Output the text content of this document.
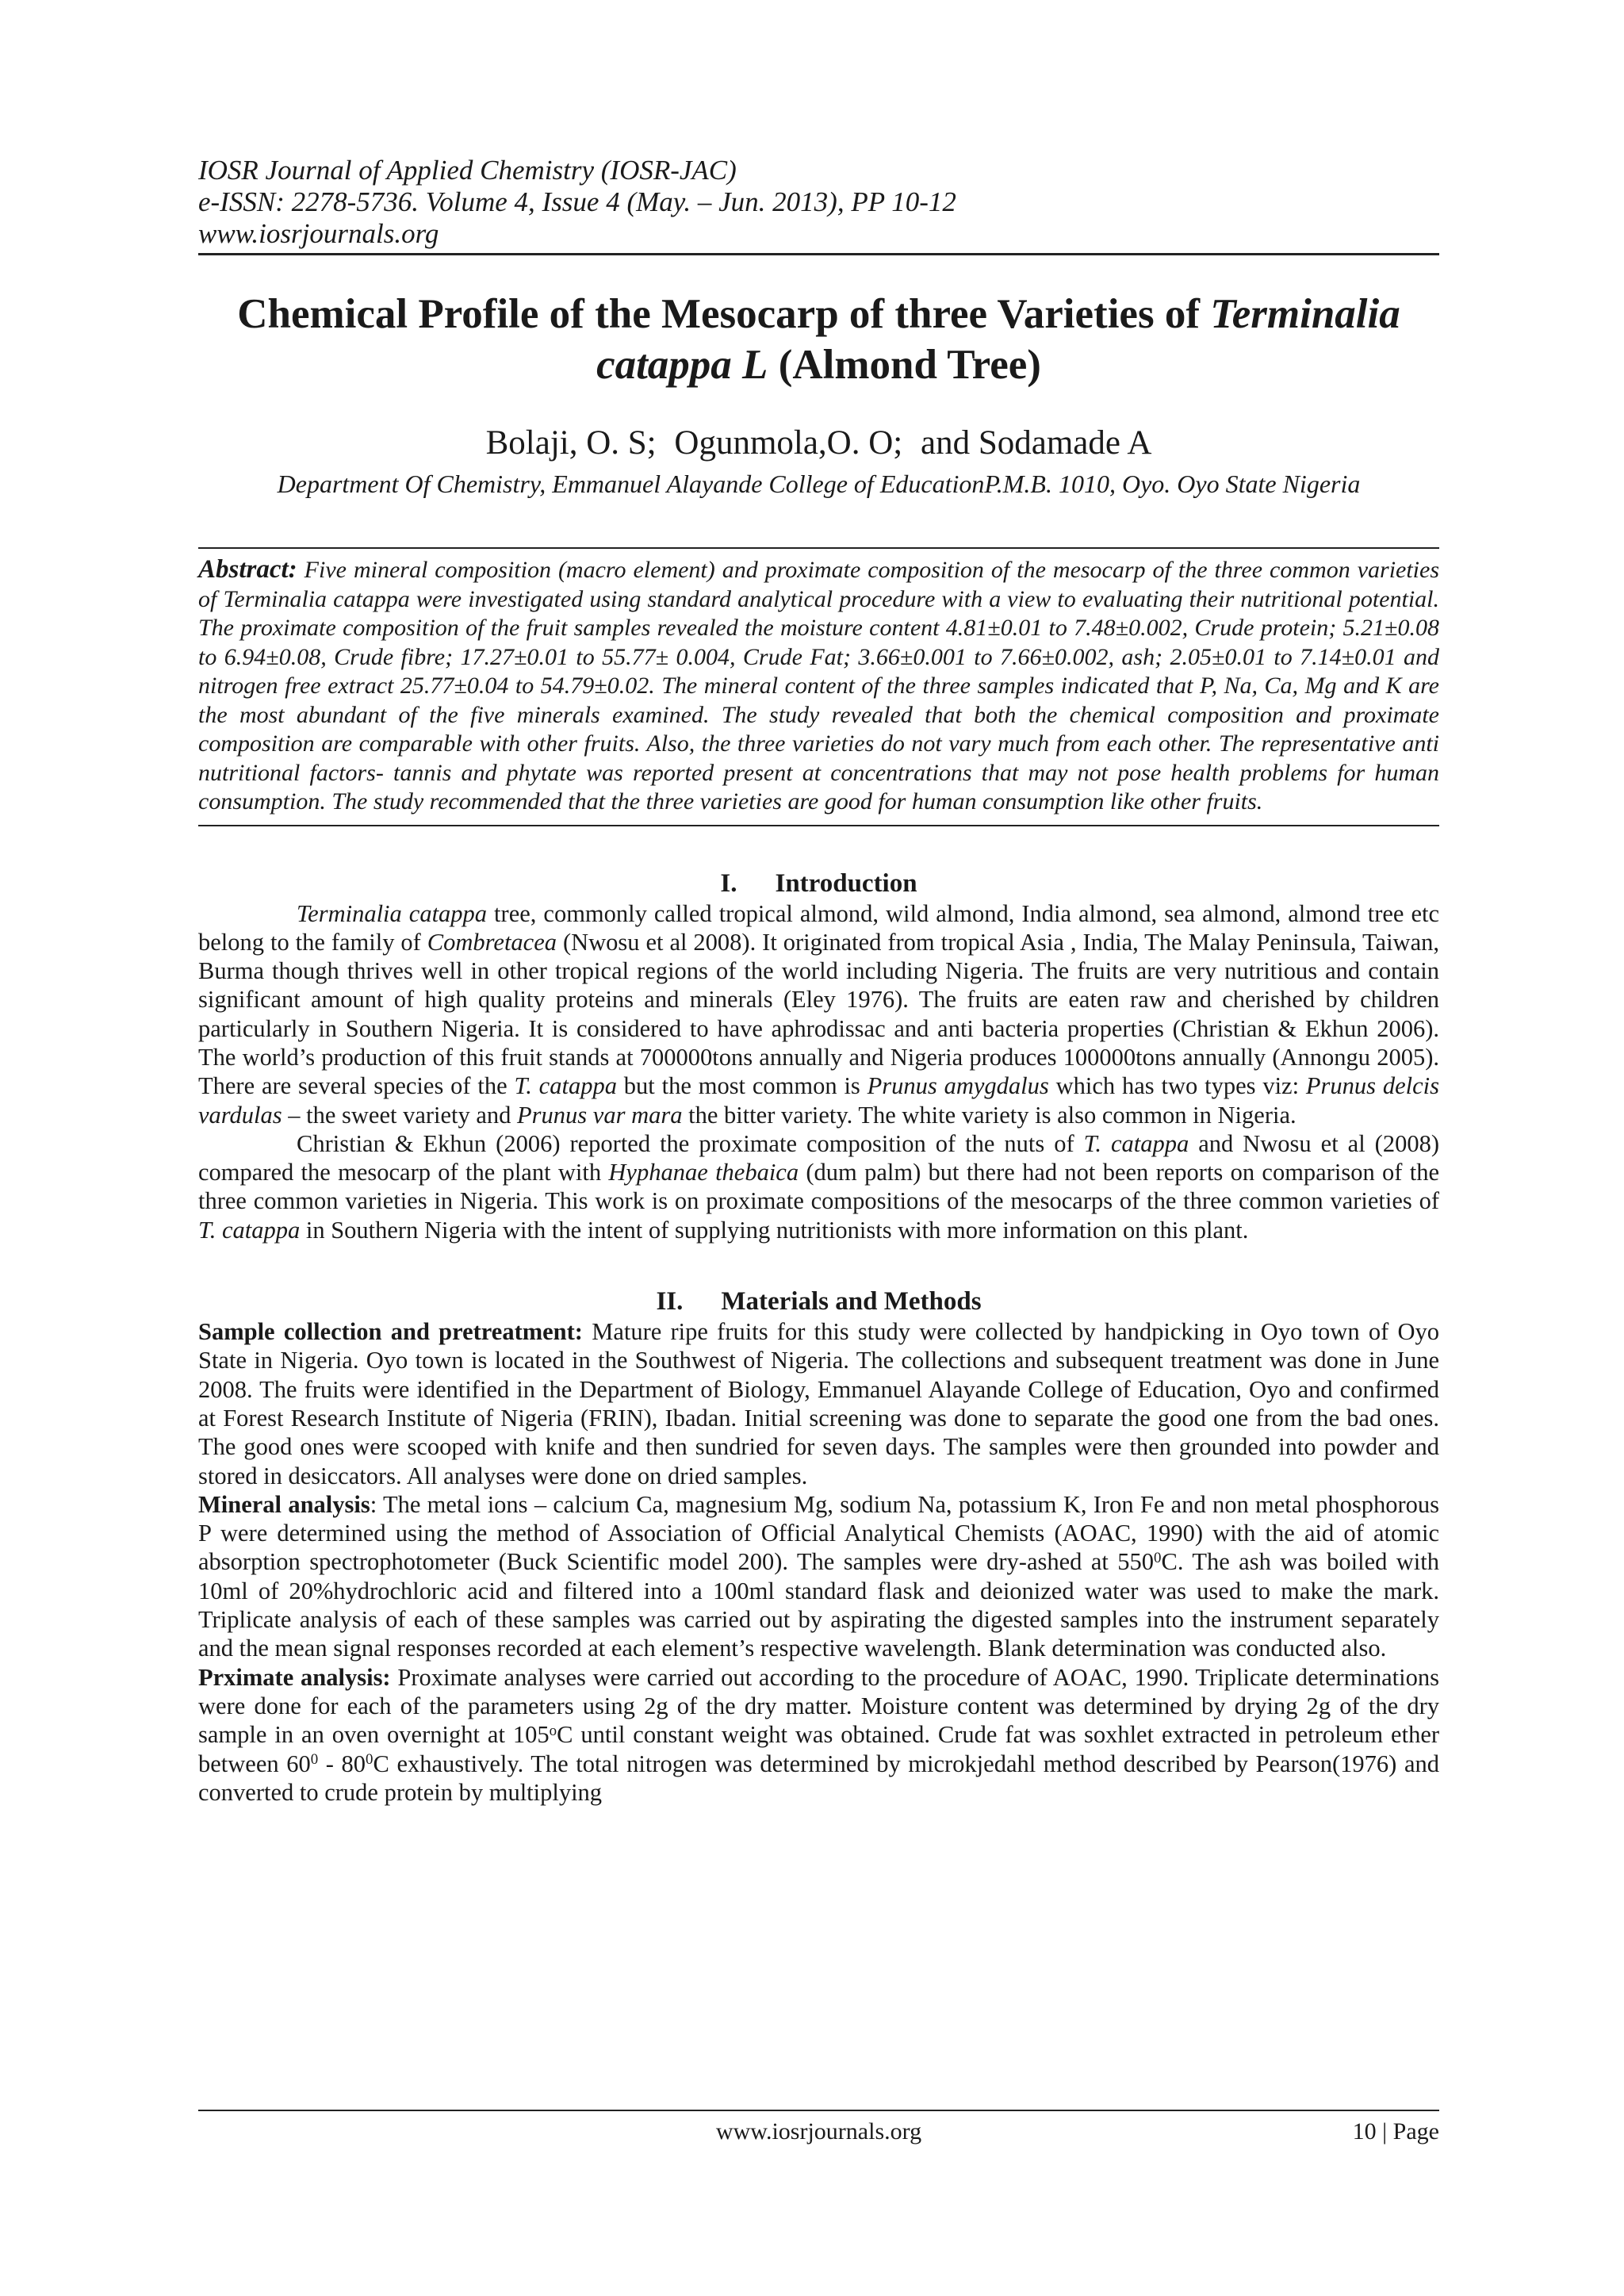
IOSR Journal of Applied Chemistry (IOSR-JAC)
e-ISSN: 2278-5736. Volume 4, Issue 4 (May. – Jun. 2013), PP 10-12
www.iosrjournals.org
Chemical Profile of the Mesocarp of three Varieties of Terminalia
catappa L (Almond Tree)
Bolaji, O. S; Ogunmola,O. O; and Sodamade A
Department Of Chemistry, Emmanuel Alayande College of EducationP.M.B. 1010, Oyo. Oyo State Nigeria
Abstract: Five mineral composition (macro element) and proximate composition of the mesocarp of the three common varieties of Terminalia catappa were investigated using standard analytical procedure with a view to evaluating their nutritional potential. The proximate composition of the fruit samples revealed the moisture content 4.81±0.01 to 7.48±0.002, Crude protein; 5.21±0.08 to 6.94±0.08, Crude fibre; 17.27±0.01 to 55.77± 0.004, Crude Fat; 3.66±0.001 to 7.66±0.002, ash; 2.05±0.01 to 7.14±0.01 and nitrogen free extract 25.77±0.04 to 54.79±0.02. The mineral content of the three samples indicated that P, Na, Ca, Mg and K are the most abundant of the five minerals examined. The study revealed that both the chemical composition and proximate composition are comparable with other fruits. Also, the three varieties do not vary much from each other. The representative anti nutritional factors- tannis and phytate was reported present at concentrations that may not pose health problems for human consumption. The study recommended that the three varieties are good for human consumption like other fruits.
I. Introduction

Terminalia catappa tree, commonly called tropical almond, wild almond, India almond, sea almond, almond tree etc belong to the family of Combretacea (Nwosu et al 2008). It originated from tropical Asia , India, The Malay Peninsula, Taiwan, Burma though thrives well in other tropical regions of the world including Nigeria. The fruits are very nutritious and contain significant amount of high quality proteins and minerals (Eley 1976). The fruits are eaten raw and cherished by children particularly in Southern Nigeria. It is considered to have aphrodissac and anti bacteria properties (Christian & Ekhun 2006). The world’s production of this fruit stands at 700000tons annually and Nigeria produces 100000tons annually (Annongu 2005). There are several species of the T. catappa but the most common is Prunus amygdalus which has two types viz: Prunus delcis vardulas – the sweet variety and Prunus var mara the bitter variety. The white variety is also common in Nigeria.

Christian & Ekhun (2006) reported the proximate composition of the nuts of T. catappa and Nwosu et al (2008) compared the mesocarp of the plant with Hyphanae thebaica (dum palm) but there had not been reports on comparison of the three common varieties in Nigeria. This work is on proximate compositions of the mesocarps of the three common varieties of T. catappa in Southern Nigeria with the intent of supplying nutritionists with more information on this plant.

II. Materials and Methods

Sample collection and pretreatment: Mature ripe fruits for this study were collected by handpicking in Oyo town of Oyo State in Nigeria. Oyo town is located in the Southwest of Nigeria. The collections and subsequent treatment was done in June 2008. The fruits were identified in the Department of Biology, Emmanuel Alayande College of Education, Oyo and confirmed at Forest Research Institute of Nigeria (FRIN), Ibadan. Initial screening was done to separate the good one from the bad ones. The good ones were scooped with knife and then sundried for seven days. The samples were then grounded into powder and stored in desiccators. All analyses were done on dried samples.

Mineral analysis: The metal ions – calcium Ca, magnesium Mg, sodium Na, potassium K, Iron Fe and non metal phosphorous P were determined using the method of Association of Official Analytical Chemists (AOAC, 1990) with the aid of atomic absorption spectrophotometer (Buck Scientific model 200). The samples were dry-ashed at $550^0C$. The ash was boiled with 10ml of 20%hydrochloric acid and filtered into a 100ml standard flask and deionized water was used to make the mark. Triplicate analysis of each of these samples was carried out by aspirating the digested samples into the instrument separately and the mean signal responses recorded at each element’s respective wavelength. Blank determination was conducted also.

Prximate analysis: Proximate analyses were carried out according to the procedure of AOAC, 1990. Triplicate determinations were done for each of the parameters using 2g of the dry matter. Moisture content was determined by drying 2g of the dry sample in an oven overnight at 105$^o$C until constant weight was obtained. Crude fat was soxhlet extracted in petroleum ether between $60^0 - 80^0C$ exhaustively. The total nitrogen was determined by microkjedahl method described by Pearson(1976) and converted to crude protein by multiplying

www.iosrjournals.org	10 | Page
